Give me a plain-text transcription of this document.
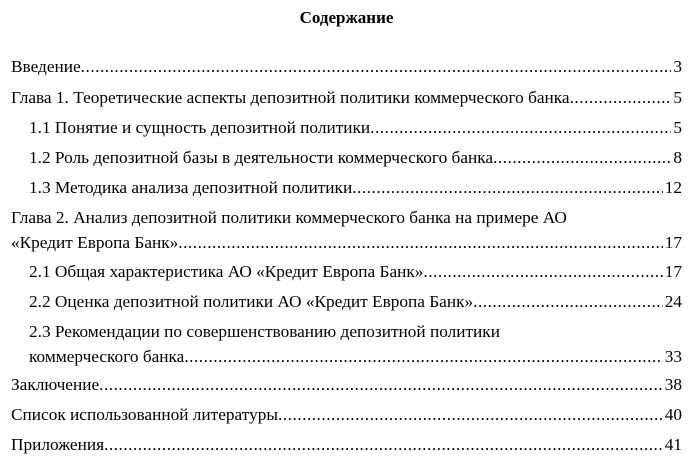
Содержание
Введение .....	3
Глава 1. Теоретические аспекты депозитной политики коммерческого банка .....	5
1.1 Понятие и сущность депозитной политики .....	5
1.2 Роль депозитной базы в деятельности коммерческого банка .....	8
1.3 Методика анализа депозитной политики .....	12
Глава 2. Анализ депозитной политики коммерческого банка на примере АО
«Кредит Европа Банк» .....	17
2.1 Общая характеристика АО «Кредит Европа Банк» .....	17
2.2 Оценка депозитной политики АО «Кредит Европа Банк» .....	24
2.3 Рекомендации по совершенствованию депозитной политики
коммерческого банка .....	33
Заключение .....	38
Список использованной литературы .....	40
Приложения .....	41
